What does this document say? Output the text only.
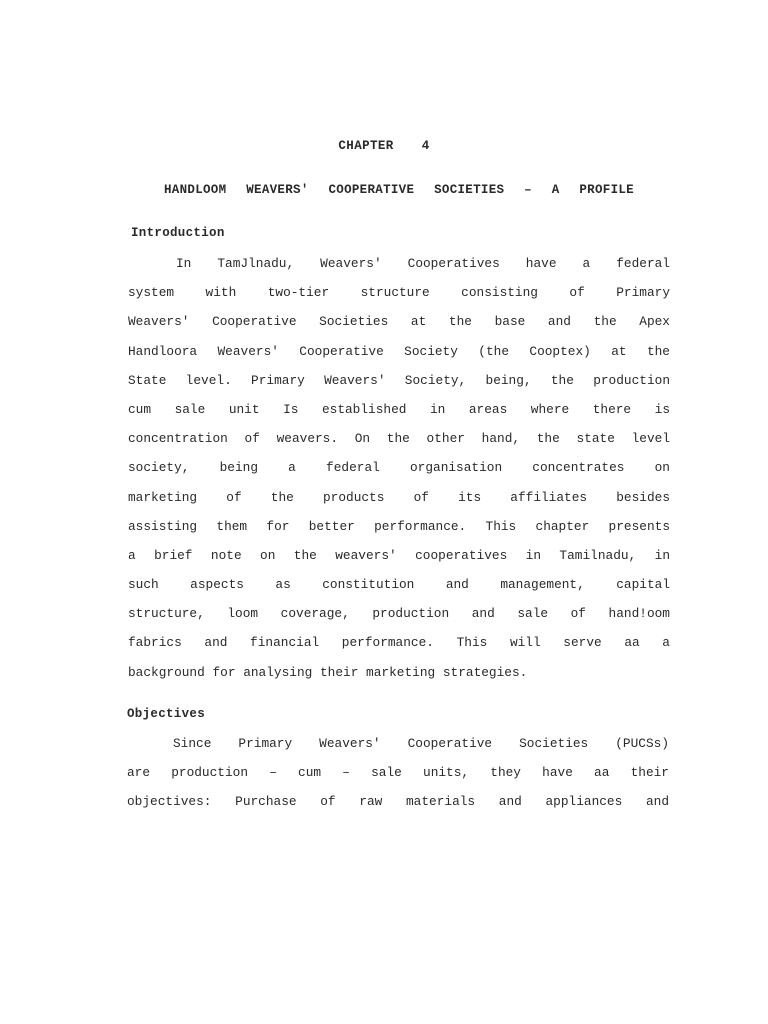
CHAPTER 4
HANDLOOM WEAVERS' COOPERATIVE SOCIETIES – A PROFILE
Introduction
In TamJlnadu, Weavers' Cooperatives have a federal
system with two-tier structure consisting of Primary
Weavers' Cooperative Societies at the base and the Apex
Handloora Weavers' Cooperative Society (the Cooptex) at the
State level. Primary Weavers' Society, being, the production
cum sale unit Is established in areas where there is
concentration of weavers. On the other hand, the state level
society, being a federal organisation concentrates on
marketing of the products of its affiliates besides
assisting them for better performance. This chapter presents
a brief note on the weavers' cooperatives in Tamilnadu, in
such aspects as constitution and management, capital
structure, loom coverage, production and sale of hand!oom
fabrics and financial performance. This will serve aa a
background for analysing their marketing strategies.
Objectives
Since Primary Weavers' Cooperative Societies (PUCSs)
are production – cum – sale units, they have aa their
objectives: Purchase of raw materials and appliances and
